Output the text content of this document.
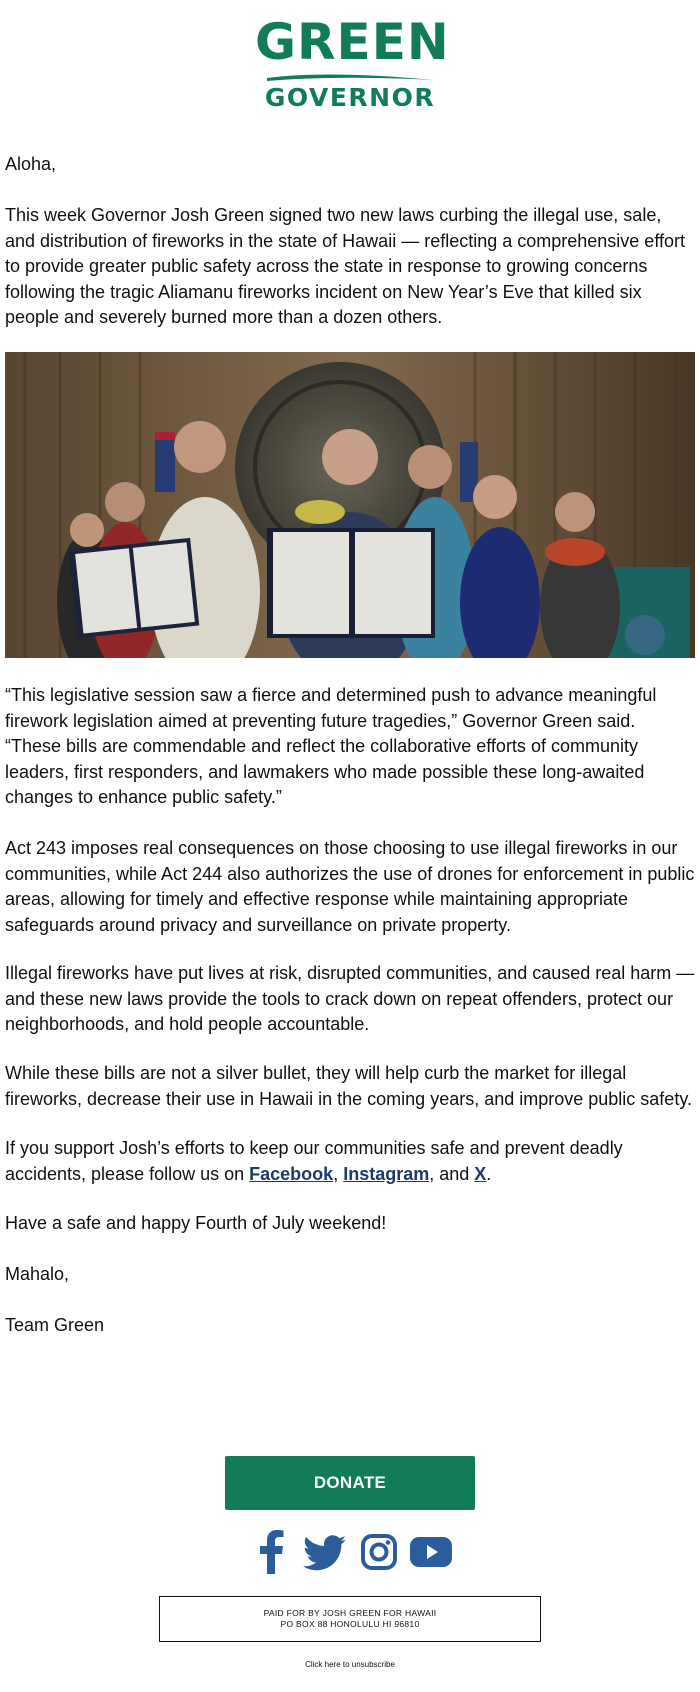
GREEN
GOVERNOR

Aloha,

This week Governor Josh Green signed two new laws curbing the illegal use, sale, and distribution of fireworks in the state of Hawaii — reflecting a comprehensive effort to provide greater public safety across the state in response to growing concerns following the tragic Aliamanu fireworks incident on New Year’s Eve that killed six people and severely burned more than a dozen others.

“This legislative session saw a fierce and determined push to advance meaningful firework legislation aimed at preventing future tragedies,” Governor Green said. “These bills are commendable and reflect the collaborative efforts of community leaders, first responders, and lawmakers who made possible these long-awaited changes to enhance public safety.”

Act 243 imposes real consequences on those choosing to use illegal fireworks in our communities, while Act 244 also authorizes the use of drones for enforcement in public areas, allowing for timely and effective response while maintaining appropriate safeguards around privacy and surveillance on private property.

Illegal fireworks have put lives at risk, disrupted communities, and caused real harm — and these new laws provide the tools to crack down on repeat offenders, protect our neighborhoods, and hold people accountable.

While these bills are not a silver bullet, they will help curb the market for illegal fireworks, decrease their use in Hawaii in the coming years, and improve public safety.

If you support Josh’s efforts to keep our communities safe and prevent deadly accidents, please follow us on Facebook, Instagram, and X.

Have a safe and happy Fourth of July weekend!

Mahalo,

Team Green

DONATE
PAID FOR BY JOSH GREEN FOR HAWAII
PO BOX 88 HONOLULU HI 96810
Click here to unsubscribe
